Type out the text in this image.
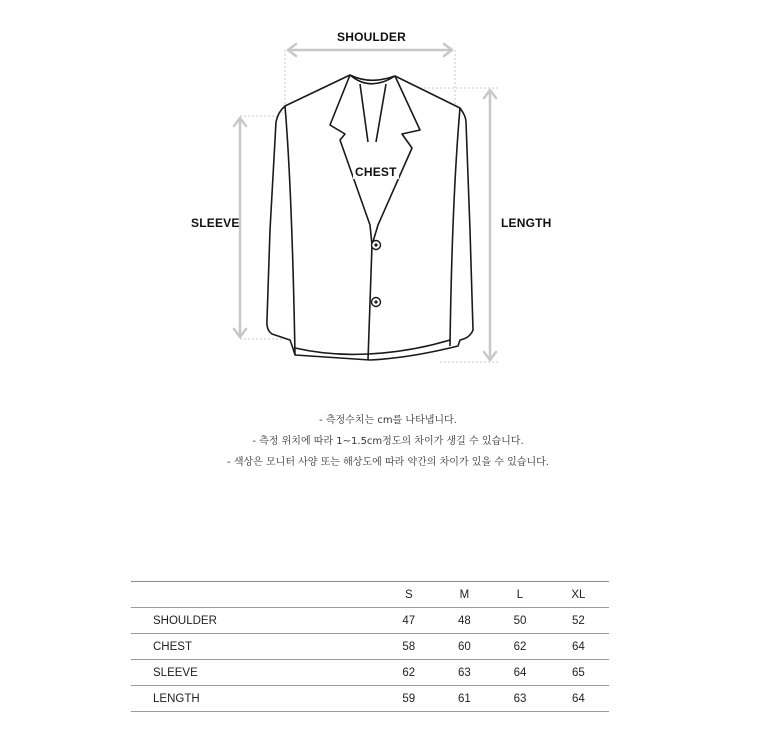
SHOULDER
CHEST
SLEEVE	LENGTH
- 측정수치는 cm를 나타냅니다.
- 측정 위치에 따라 1~1.5cm정도의 차이가 생길 수 있습니다.
- 색상은 모니터 사양 또는 해상도에 따라 약간의 차이가 있을 수 있습니다.
	S	M	L	XL
SHOULDER	47	48	50	52
CHEST	58	60	62	64
SLEEVE	62	63	64	65
LENGTH	59	61	63	64
